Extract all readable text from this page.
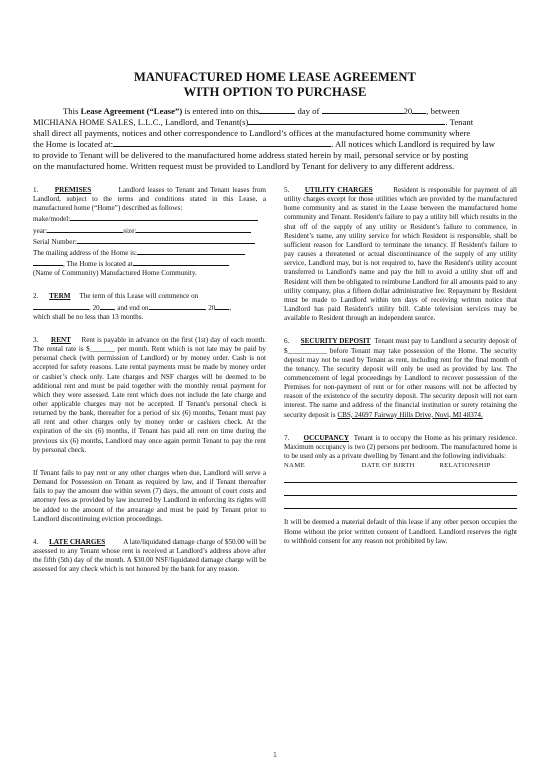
MANUFACTURED HOME LEASE AGREEMENT
WITH OPTION TO PURCHASE
This Lease Agreement (“Lease”) is entered into on this	day of	20 , between
MICHIANA HOME SALES, L.L.C., Landlord, and Tenant(s)	. Tenant
shall direct all payments, notices and other correspondence to Landlord’s offices at the manufactured home community where
the Home is located at:	. All notices which Landlord is required by law
to provide to Tenant will be delivered to the manufactured home address stated herein by mail, personal service or by posting
on the manufactured home. Written request must be provided to Landlord by Tenant for delivery to any different address.

1. PREMISES	Landlord leases to Tenant and Tenant leases from Landlord, subject to the terms and conditions stated in this Lease, a manufactured home (“Home”) described as follows:

make/model:

year:	size:

Serial Number:

The mailing address of the Home is:

, The Home is located at

(Name of Community) Manufactured Home Community.

2. TERM The term of this Lease will commence on

, 20 , and end on	, 20 ,

which shall be no less than 13 months.

3. RENT Rent is payable in advance on the first (1st) day of each month. The rental rate is $_______ per month. Rent which is not late may be paid by personal check (with permission of Landlord) or by money order. Cash is not accepted for safety reasons. Late rental payments must be made by money order or cashier’s check only. Late charges and NSF charges will be deemed to be additional rent and must be paid together with the monthly rental payment for which they were assessed. Late rent which does not include the late charge and other applicable charges may not be accepted. If Tenant's personal check is returned by the bank, thereafter for a period of six (6) months, Tenant must pay all rent and other charges only by money order or cashiers check. At the expiration of the six (6) months, if Tenant has paid all rent on time during the previous six (6) months, Landlord may once again permit Tenant to pay the rent by personal check.

If Tenant fails to pay rent or any other charges when due, Landlord will serve a Demand for Possession on Tenant as required by law, and if Tenant thereafter fails to pay the amount due within seven (7) days, the amount of court costs and attorney fees as provided by law incurred by Landlord in enforcing its rights will be added to the amount of the arrearage and must be paid by Tenant prior to Landlord discontinuing eviction proceedings.

4. LATE CHARGES	A late/liquidated damage charge of $50.00 will be assessed to any Tenant whose rent is received at Landlord’s address above after the fifth (5th) day of the month. A $30.00 NSF/liquidated damage charge will be assessed for any check which is not honored by the bank for any reason.

5. UTILITY CHARGES	Resident is responsible for payment of all utility charges except for those utilities which are provided by the manufactured home community and as stated in the Lease between the manufactured home community and Tenant. Resident's failure to pay a utility bill which results in the shut off of the supply of any utility or Resident’s failure to commence, in Resident’s name, any utility service for which Resident is responsible, shall be sufficient reason for Landlord to terminate the tenancy. If Resident's failure to pay causes a threatened or actual discontinuance of the supply of any utility service, Landlord may, but is not required to, have the Resident's utility account transferred to Landlord's name and pay the bill to avoid a utility shut off and Resident will then be obligated to reimburse Landlord for all amounts paid to any utility company, plus a fifteen dollar administrative fee. Repayment by Resident must be made to Landlord within ten days of receiving written notice that Landlord has paid Resident's utility bill. Cable television services may be available to Resident through an independent source.

6. SECURITY DEPOSIT Tenant must pay to Landlord a security deposit of $___________ before Tenant may take possession of the Home. The security deposit may not be used by Tenant as rent, including rent for the final month of the tenancy. The security deposit will only be used as provided by law. The commencement of legal proceedings by Landlord to recover possession of the Premises for non-payment of rent or for other reasons will not be affected by reason of the existence of the security deposit. The security deposit will not earn interest. The name and address of the financial institution or surety retaining the security deposit is CBS, 24697 Fairway Hills Drive, Novi, MI 48374.

7. OCCUPANCY Tenant is to occupy the Home as his primary residence. Maximum occupancy is two (2) persons per bedroom. The manufactured home is to be used only as a private dwelling by Tenant and the following individuals:

NAME	DATE OF BIRTH	RELATIONSHIP

It will be deemed a material default of this lease if any other person occupies the Home without the prior written consent of Landlord. Landlord reserves the right to withhold consent for any reason not prohibited by law.

1
